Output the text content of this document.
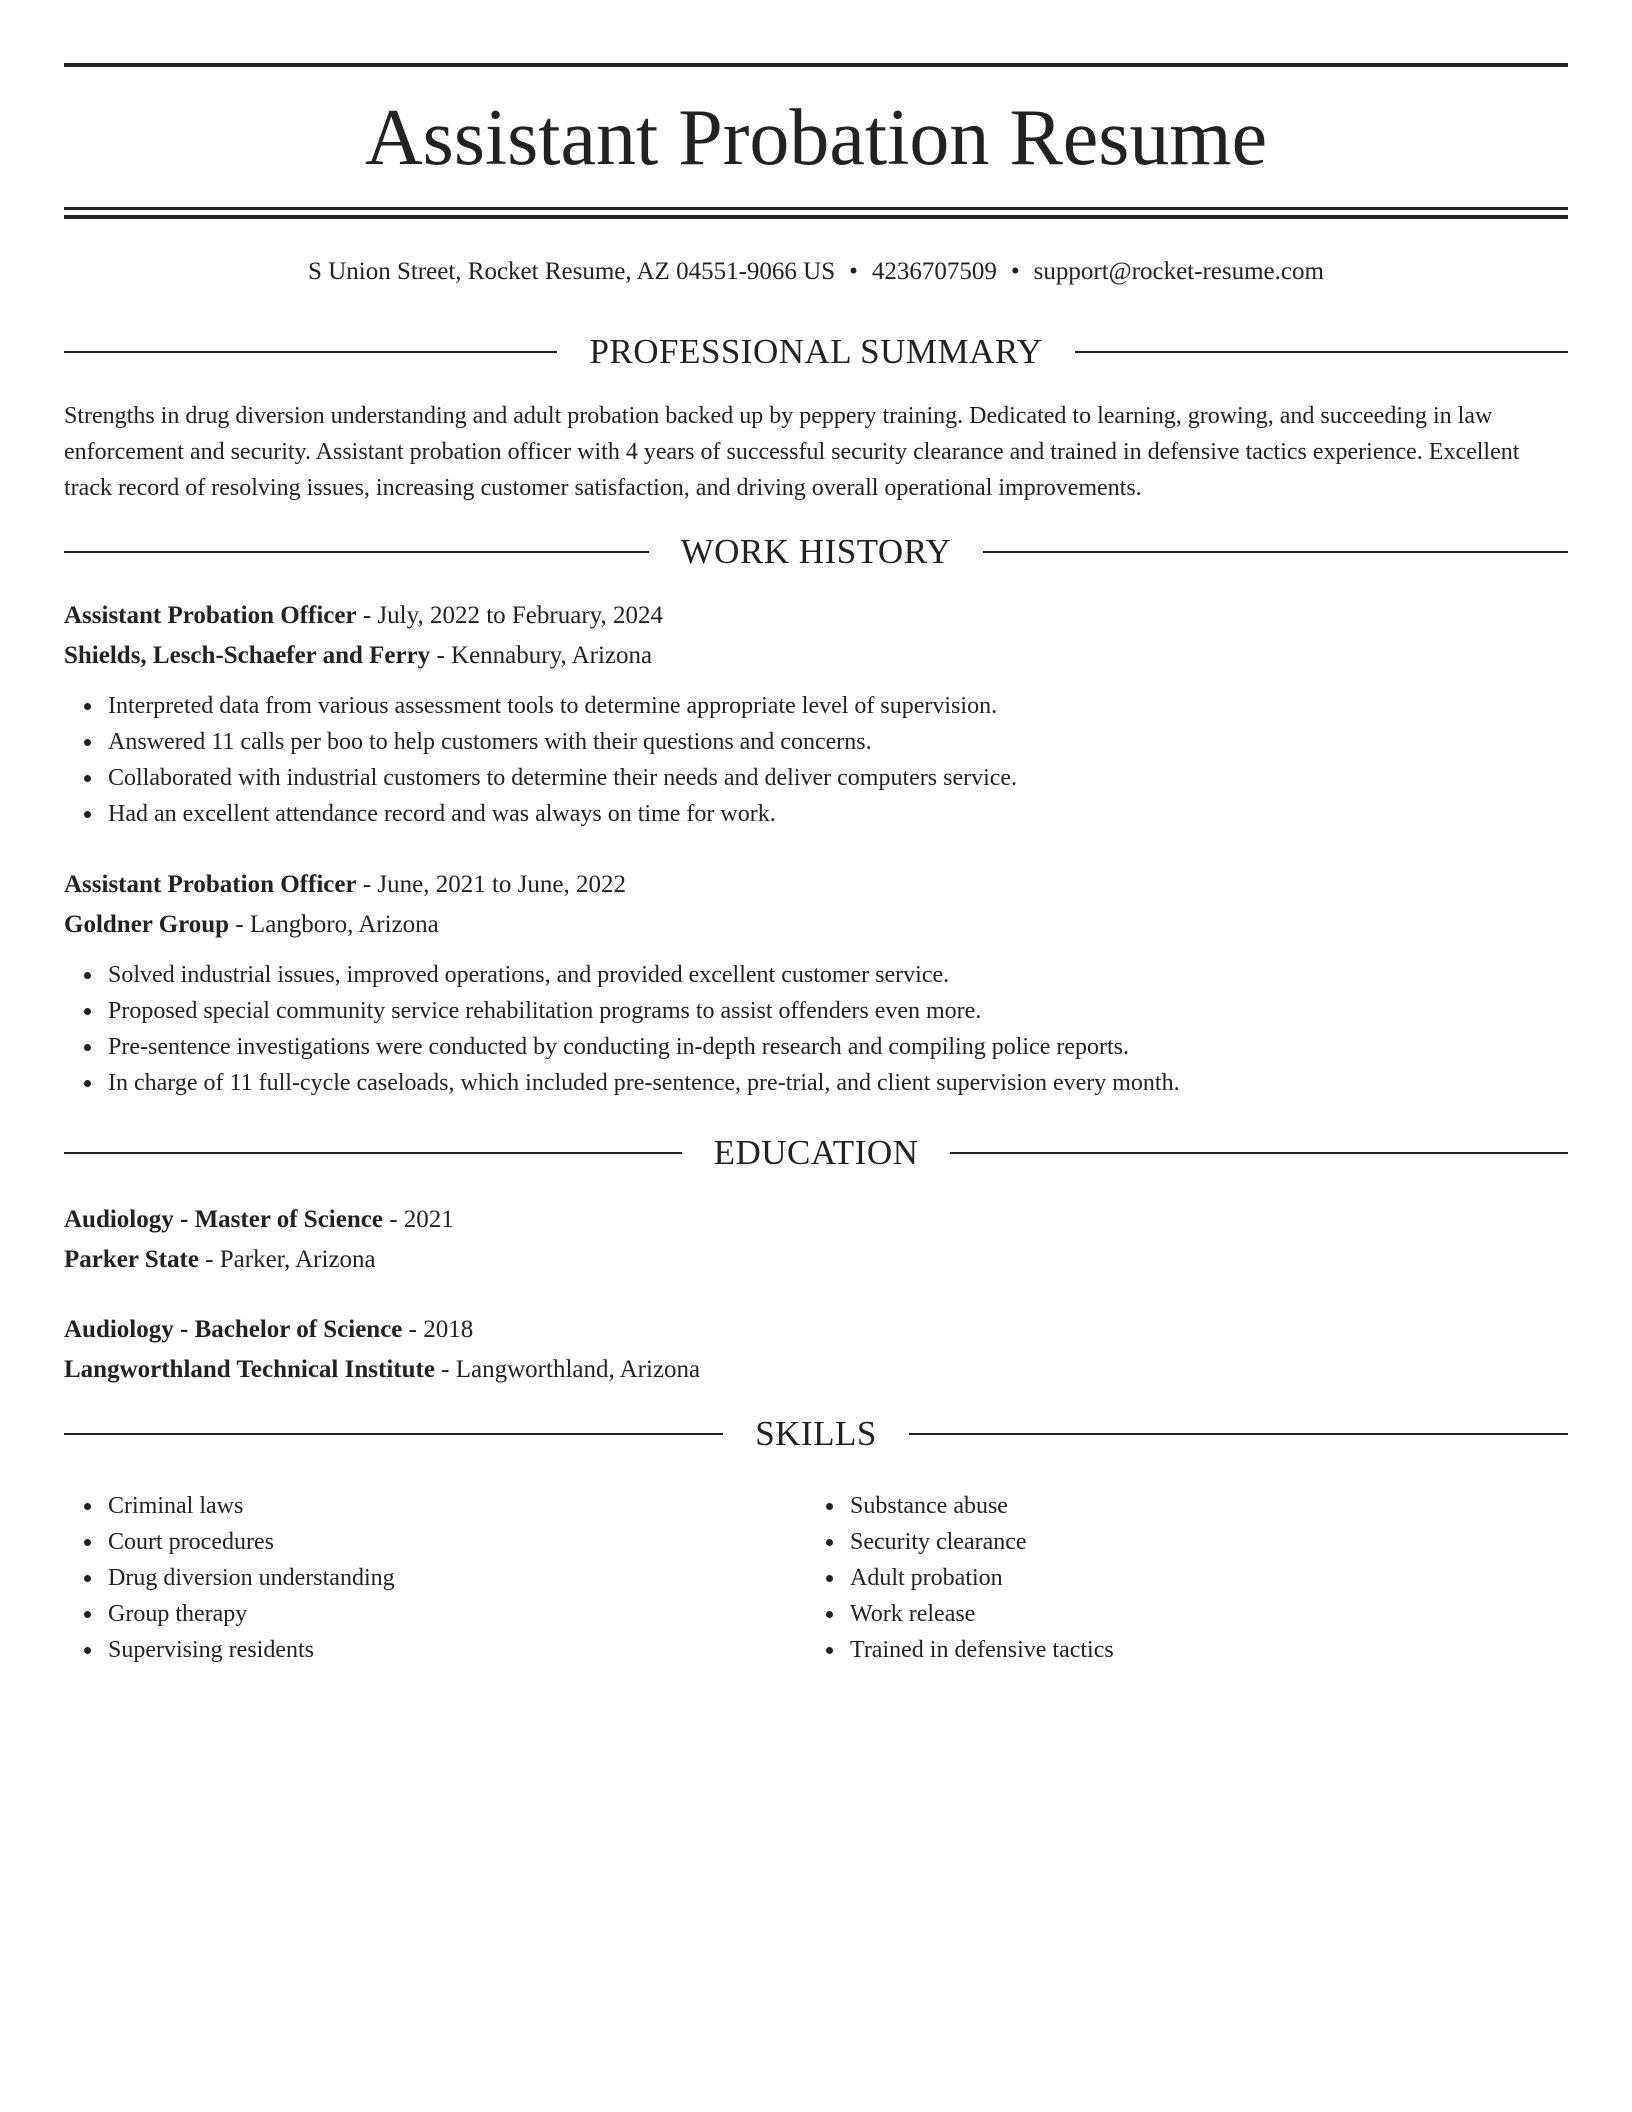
Assistant Probation Resume
S Union Street, Rocket Resume, AZ 04551-9066 US • 4236707509 • support@rocket-resume.com
PROFESSIONAL SUMMARY

Strengths in drug diversion understanding and adult probation backed up by peppery training. Dedicated to learning, growing, and succeeding in law enforcement and security. Assistant probation officer with 4 years of successful security clearance and trained in defensive tactics experience. Excellent track record of resolving issues, increasing customer satisfaction, and driving overall operational improvements.

WORK HISTORY
Assistant Probation Officer - July, 2022 to February, 2024
Shields, Lesch-Schaefer and Ferry - Kennabury, Arizona
Interpreted data from various assessment tools to determine appropriate level of supervision.
Answered 11 calls per boo to help customers with their questions and concerns.
Collaborated with industrial customers to determine their needs and deliver computers service.
Had an excellent attendance record and was always on time for work.
Assistant Probation Officer - June, 2021 to June, 2022
Goldner Group - Langboro, Arizona
Solved industrial issues, improved operations, and provided excellent customer service.
Proposed special community service rehabilitation programs to assist offenders even more.
Pre-sentence investigations were conducted by conducting in-depth research and compiling police reports.
In charge of 11 full-cycle caseloads, which included pre-sentence, pre-trial, and client supervision every month.
EDUCATION
Audiology - Master of Science - 2021
Parker State - Parker, Arizona
Audiology - Bachelor of Science - 2018
Langworthland Technical Institute - Langworthland, Arizona
SKILLS
Criminal laws
Court procedures
Drug diversion understanding
Group therapy
Supervising residents
Substance abuse
Security clearance
Adult probation
Work release
Trained in defensive tactics
